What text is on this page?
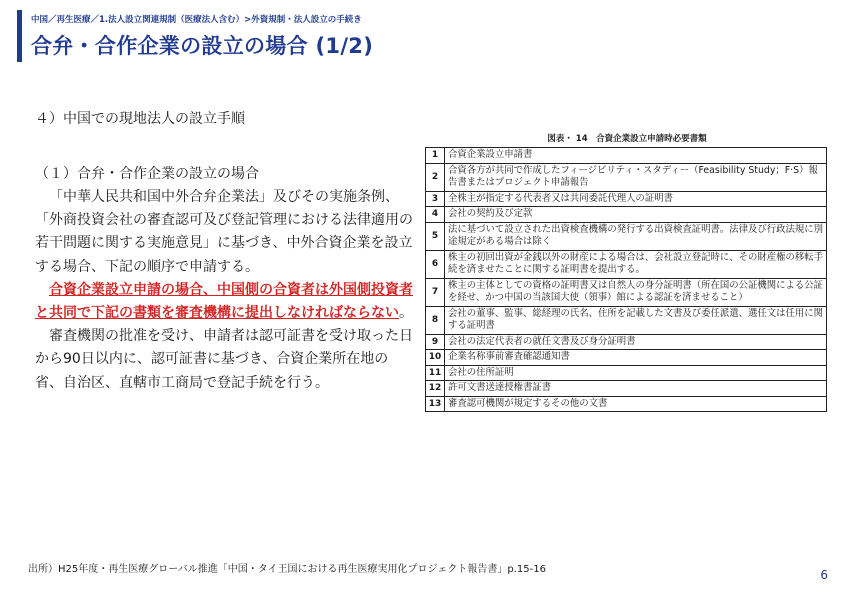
中国／再生医療／1.法人設立関連規制（医療法人含む）>外資規制・法人設立の手続き
合弁・合作企業の設立の場合 (1/2)
４）中国での現地法人の設立手順
（１）合弁・合作企業の設立の場合

「中華人民共和国中外合弁企業法」及びその実施条例、「外商投資会社の審査認可及び登記管理における法律適用の若干問題に関する実施意見」に基づき、中外合資企業を設立する場合、下記の順序で申請する。

合資企業設立申請の場合、中国側の合資者は外国側投資者と共同で下記の書類を審査機構に提出しなければならない。

審査機関の批准を受け、申請者は認可証書を受け取った日から90日以内に、認可証書に基づき、合資企業所在地の省、自治区、直轄市工商局で登記手続を行う。

図表・ 14　合資企業設立申請時必要書類
1	合資企業設立申請書
2	合資各方が共同で作成したフィージビリティ・スタディー（Feasibility Study；F·S）報告書またはプロジェクト申請報告
3	全株主が指定する代表者又は共同委託代理人の証明書
4	会社の契約及び定款
5	法に基づいて設立された出資検査機構の発行する出資検査証明書。法律及び行政法規に別途規定がある場合は除く
6	株主の初回出資が金銭以外の財産による場合は、会社設立登記時に、その財産権の移転手続を済ませたことに関する証明書を提出する。
7	株主の主体としての資格の証明書又は自然人の身分証明書（所在国の公証機関による公証を経せ、かつ中国の当該国大使（領事）館による認証を済ませること）
8	会社の董事、監事、総経理の氏名、住所を記載した文書及び委任派遣、選任文は任用に関する証明書
9	会社の法定代表者の就任文書及び身分証明書
10	企業名称事前審査確認通知書
11	会社の住所証明
12	許可文書送達授権書証書
13	審査認可機関が規定するその他の文書
出所）H25年度・再生医療グローバル推進「中国・タイ王国における再生医療実用化プロジェクト報告書」p.15-16	6
